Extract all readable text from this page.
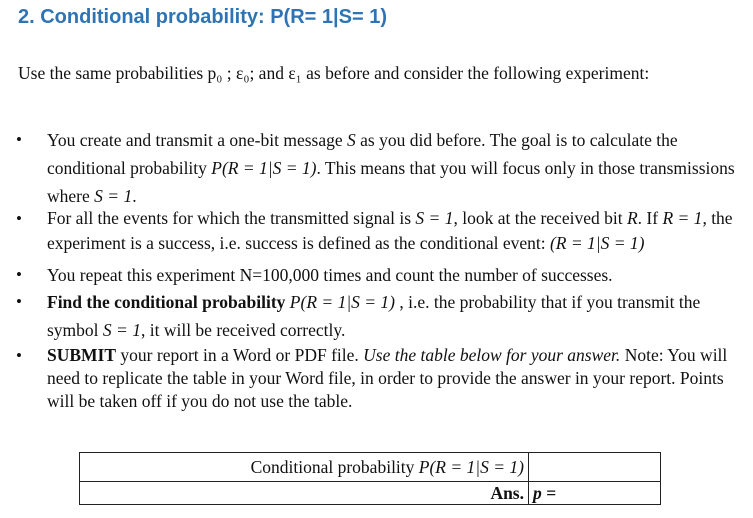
2. Conditional probability: P(R= 1|S= 1)
Use the same probabilities p₀ ; ε₀; and ε₁ as before and consider the following experiment:
• You create and transmit a one-bit message S as you did before. The goal is to calculate the conditional probability P(R = 1|S = 1). This means that you will focus only in those transmissions where S = 1.
• For all the events for which the transmitted signal is S = 1, look at the received bit R. If R = 1, the experiment is a success, i.e. success is defined as the conditional event: (R = 1|S = 1)
• You repeat this experiment N=100,000 times and count the number of successes.
• Find the conditional probability P(R = 1|S = 1) , i.e. the probability that if you transmit the symbol S = 1, it will be received correctly.
• SUBMIT your report in a Word or PDF file. Use the table below for your answer. Note: You will need to replicate the table in your Word file, in order to provide the answer in your report. Points will be taken off if you do not use the table.
Conditional probability P(R = 1|S = 1)	
Ans.	p =
